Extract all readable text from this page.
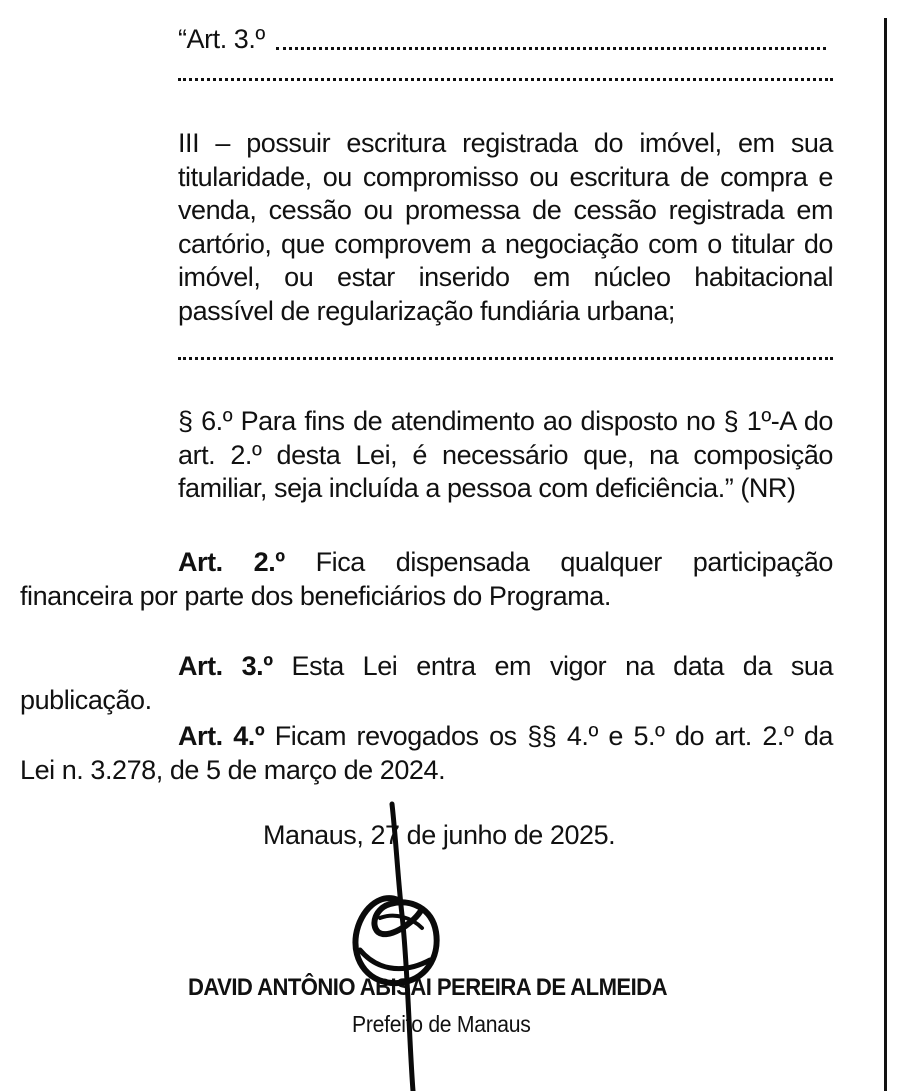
“Art. 3.º
III – possuir escritura registrada do imóvel, em sua titularidade, ou compromisso ou escritura de compra e venda, cessão ou promessa de cessão registrada em cartório, que comprovem a negociação com o titular do imóvel, ou estar inserido em núcleo habitacional passível de regularização fundiária urbana;
§ 6.º Para fins de atendimento ao disposto no § 1º-A do art. 2.º desta Lei, é necessário que, na composição familiar, seja incluída a pessoa com deficiência.” (NR)
Art. 2.º Fica dispensada qualquer participação financeira por parte dos beneficiários do Programa.
Art. 3.º Esta Lei entra em vigor na data da sua publicação.
Art. 4.º Ficam revogados os §§ 4.º e 5.º do art. 2.º da Lei n. 3.278, de 5 de março de 2024.
Manaus, 27 de junho de 2025.
DAVID ANTÔNIO ABISAI PEREIRA DE ALMEIDA
Prefeito de Manaus
